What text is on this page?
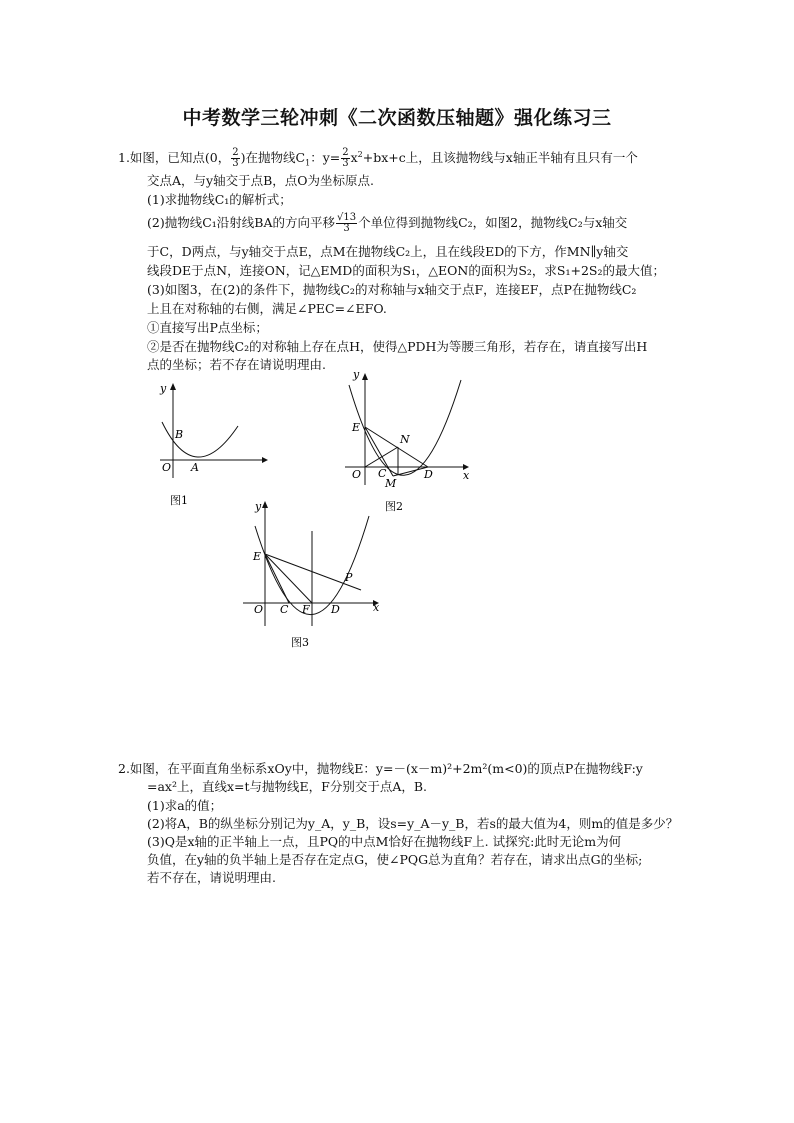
中考数学三轮冲刺《二次函数压轴题》强化练习三
1.如图，已知点(0， $\frac{2}{3}$ )在抛物线$C_1$：$y= \frac{2}{3} x^2+bx+c$上，且该抛物线与x轴正半轴有且只有一个
交点A，与y轴交于点B，点O为坐标原点.
(1)求抛物线C₁的解析式；
(2)抛物线C₁沿射线BA的方向平移 $\frac{√13}{3}$ 个单位得到抛物线C₂，如图2，抛物线C₂与x轴交
于C，D两点，与y轴交于点E，点M在抛物线C₂上，且在线段ED的下方，作MN∥y轴交
线段DE于点N，连接ON，记△EMD的面积为S₁，△EON的面积为S₂，求S₁+2S₂的最大值；
(3)如图3，在(2)的条件下，抛物线C₂的对称轴与x轴交于点F，连接EF，点P在抛物线C₂
上且在对称轴的右侧，满足∠PEC=∠EFO.
①直接写出P点坐标；
②是否在抛物线C₂的对称轴上存在点H，使得△PDH为等腰三角形，若存在，请直接写出H
点的坐标；若不存在请说明理由.
y
B
O A
图1
y
E
N
O C
M
D	x
图2
y
E
P
O C F D	x
图3
2.如图，在平面直角坐标系xOy中，抛物线E：y=－(x－m)²+2m²(m<0)的顶点P在抛物线F:y
=ax²上，直线x=t与抛物线E，F分别交于点A，B.
(1)求a的值；
(2)将A，B的纵坐标分别记为y_A，y_B，设s=y_A－y_B，若s的最大值为4，则m的值是多少？
(3)Q是x轴的正半轴上一点，且PQ的中点M恰好在抛物线F上. 试探究:此时无论m为何
负值，在y轴的负半轴上是否存在定点G，使∠PQG总为直角？若存在，请求出点G的坐标;
若不存在，请说明理由.
